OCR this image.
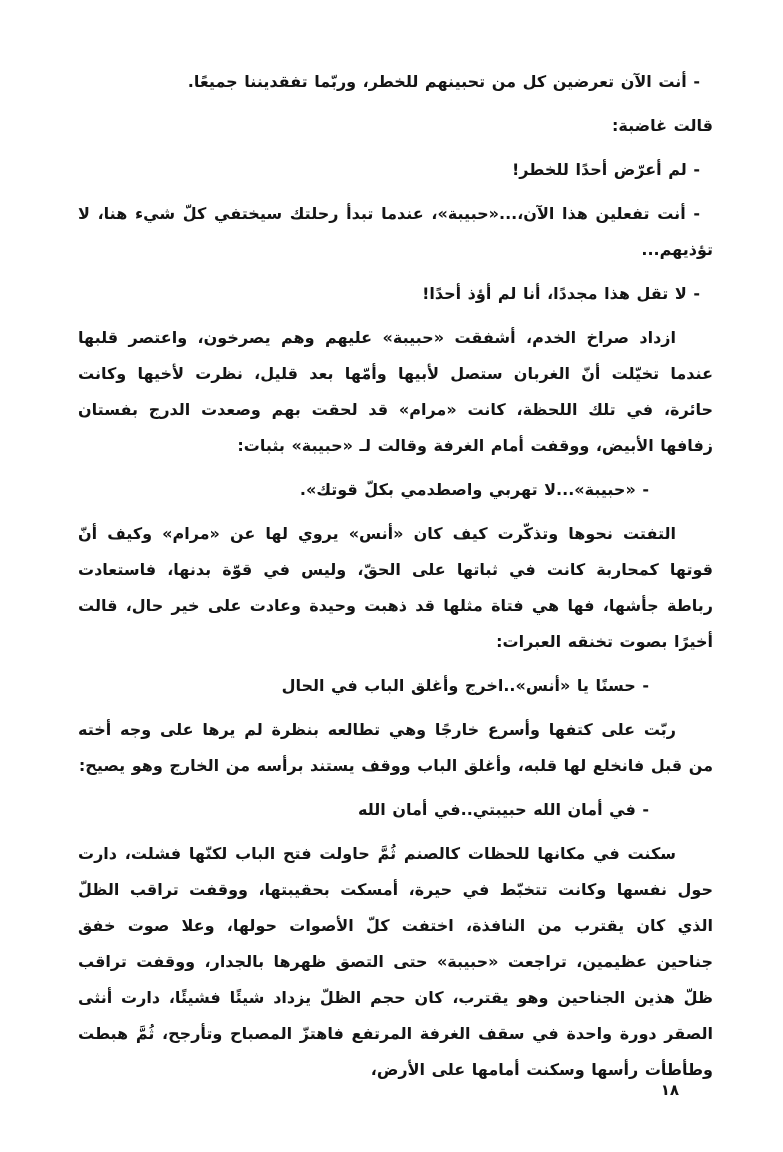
- أنت الآن تعرضين كل من تحبينهم للخطر، وربّما تفقديننا جميعًا.

قالت غاضبة:

- لم أعرّض أحدًا للخطر!

- أنت تفعلين هذا الآن،...«حبيبة»، عندما تبدأ رحلتك سيختفي كلّ شيء هنا، لا تؤذيهم...

- لا تقل هذا مجددًا، أنا لم أؤذ أحدًا!

ازداد صراخ الخدم، أشفقت «حبيبة» عليهم وهم يصرخون، واعتصر قلبها عندما تخيّلت أنّ الغربان ستصل لأبيها وأمّها بعد قليل، نظرت لأخيها وكانت حائرة، في تلك اللحظة، كانت «مرام» قد لحقت بهم وصعدت الدرج بفستان زفافها الأبيض، ووقفت أمام الغرفة وقالت لـ «حبيبة» بثبات:

- «حبيبة»...لا تهربي واصطدمي بكلّ قوتك».

التفتت نحوها وتذكّرت كيف كان «أنس» يروي لها عن «مرام» وكيف أنّ قوتها كمحاربة كانت في ثباتها على الحقّ، وليس في قوّة بدنها، فاستعادت رباطة جأشها، فها هي فتاة مثلها قد ذهبت وحيدة وعادت على خير حال، قالت أخيرًا بصوت تخنقه العبرات:

- حسنًا يا «أنس»..اخرج وأغلق الباب في الحال

ربّت على كتفها وأسرع خارجًا وهي تطالعه بنظرة لم يرها على وجه أخته من قبل فانخلع لها قلبه، وأغلق الباب ووقف يستند برأسه من الخارج وهو يصيح:

- في أمان الله حبيبتي..في أمان الله

سكنت في مكانها للحظات كالصنم ثُمَّ حاولت فتح الباب لكنّها فشلت، دارت حول نفسها وكانت تتخبّط في حيرة، أمسكت بحقيبتها، ووقفت تراقب الظلّ الذي كان يقترب من النافذة، اختفت كلّ الأصوات حولها، وعلا صوت خفق جناحين عظيمين، تراجعت «حبيبة» حتى التصق ظهرها بالجدار، ووقفت تراقب ظلّ هذين الجناحين وهو يقترب، كان حجم الظلّ يزداد شيئًا فشيئًا، دارت أنثى الصقر دورة واحدة في سقف الغرفة المرتفع فاهتزّ المصباح وتأرجح، ثُمَّ هبطت وطأطأت رأسها وسكنت أمامها على الأرض،

١٨
